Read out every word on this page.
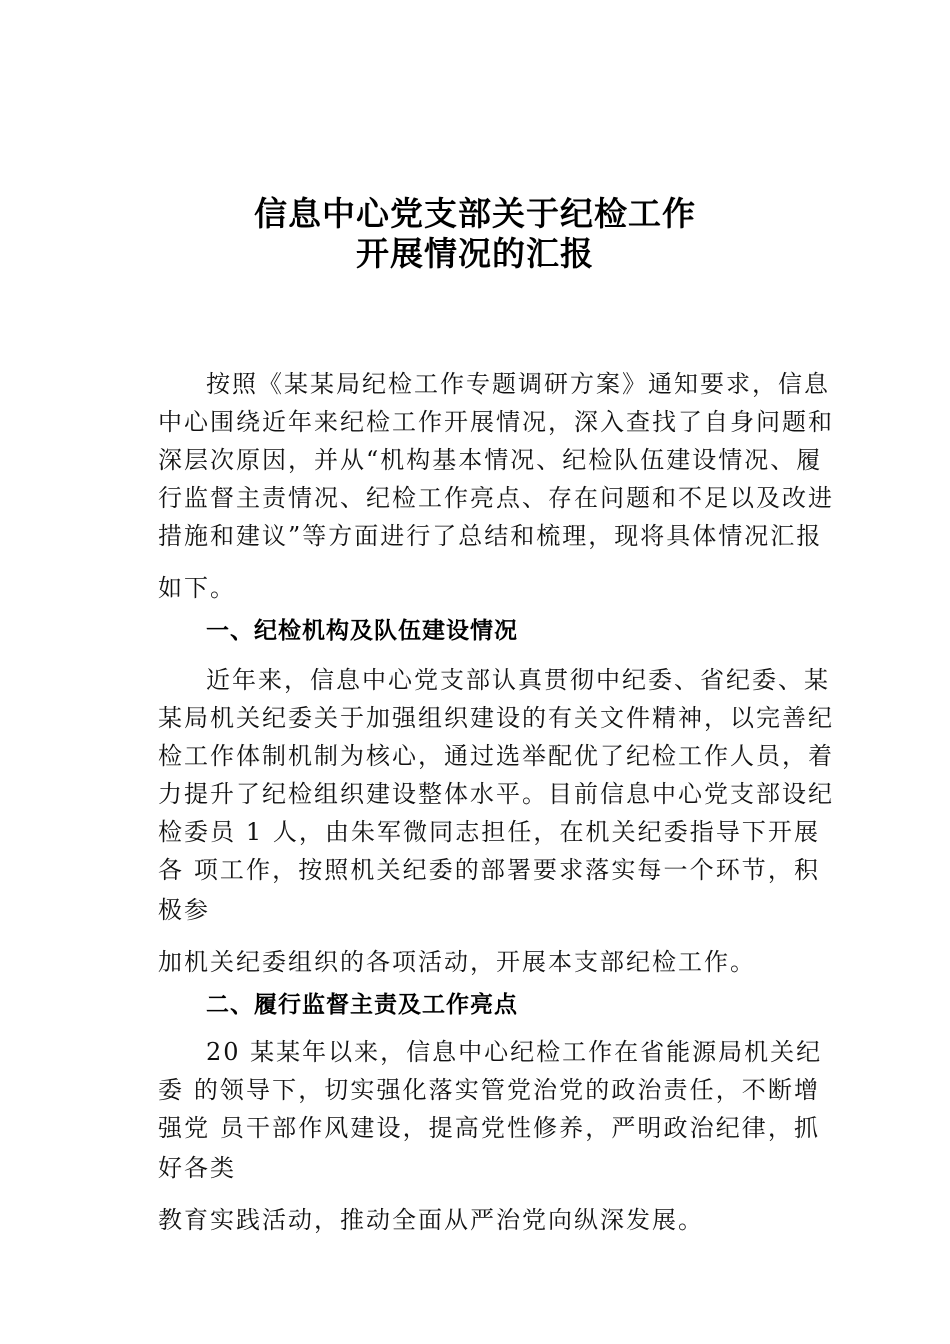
信息中心党支部关于纪检工作
开展情况的汇报
按照《某某局纪检工作专题调研方案》通知要求，信息
中心围绕近年来纪检工作开展情况，深入查找了自身问题和
深层次原因，并从“机构基本情况、纪检队伍建设情况、履
行监督主责情况、纪检工作亮点、存在问题和不足以及改进
措施和建议”等方面进行了总结和梳理，现将具体情况汇报
如下。
一、纪检机构及队伍建设情况
近年来，信息中心党支部认真贯彻中纪委、省纪委、某
某局机关纪委关于加强组织建设的有关文件精神，以完善纪
检工作体制机制为核心，通过选举配优了纪检工作人员，着
力提升了纪检组织建设整体水平。目前信息中心党支部设纪
检委员 1 人，由朱军微同志担任，在机关纪委指导下开展
各 项工作，按照机关纪委的部署要求落实每一个环节，积
极参
加机关纪委组织的各项活动，开展本支部纪检工作。
二、履行监督主责及工作亮点
20 某某年以来，信息中心纪检工作在省能源局机关纪
委 的领导下，切实强化落实管党治党的政治责任，不断增
强党 员干部作风建设，提高党性修养，严明政治纪律，抓
好各类
教育实践活动，推动全面从严治党向纵深发展。
